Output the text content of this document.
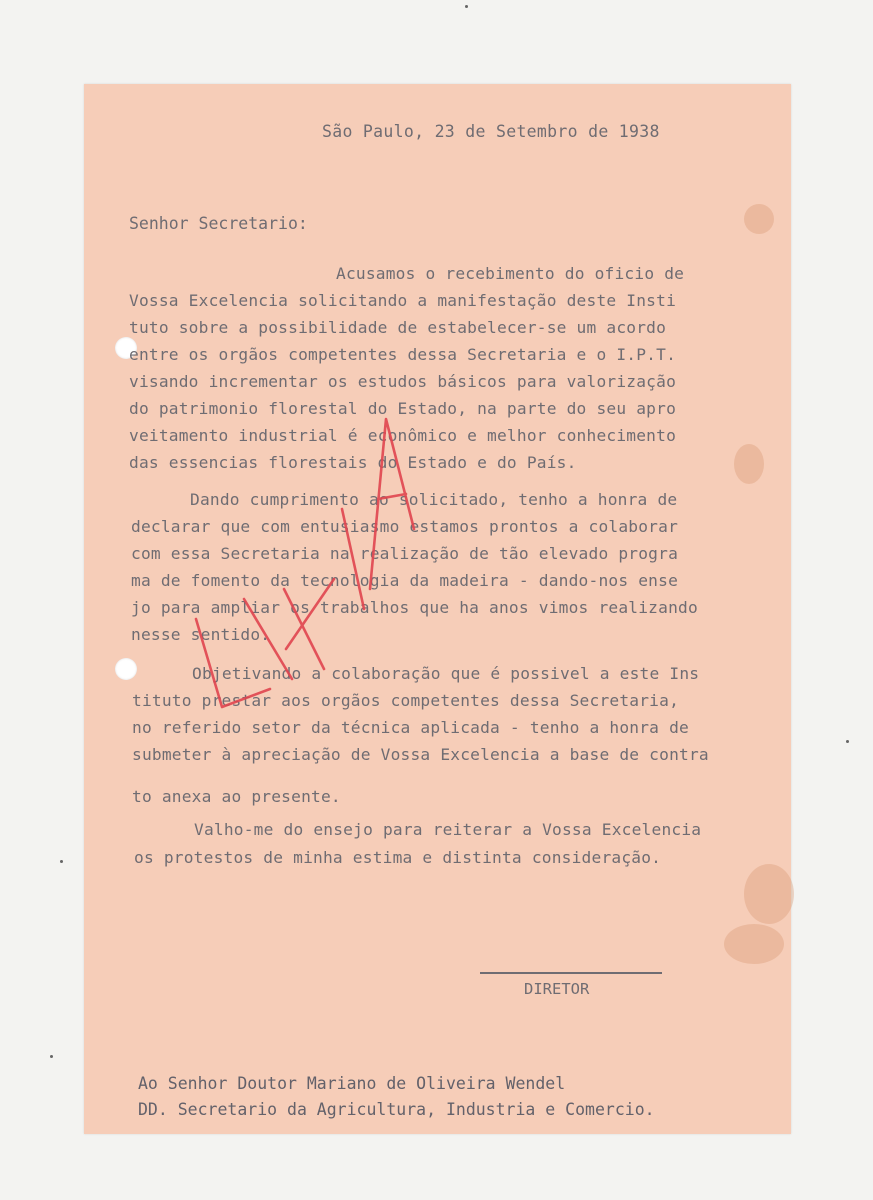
São Paulo, 23 de Setembro de 1938
Senhor Secretario:
Acusamos o recebimento do oficio de
Vossa Excelencia solicitando a manifestação deste Insti
tuto sobre a possibilidade de estabelecer-se um acordo
entre os orgãos competentes dessa Secretaria e o I.P.T.
visando incrementar os estudos básicos para valorização
do patrimonio florestal do Estado, na parte do seu apro
veitamento industrial é econômico e melhor conhecimento
das essencias florestais do Estado e do País.
Dando cumprimento ao solicitado, tenho a honra de
declarar que com entusiasmo estamos prontos a colaborar
com essa Secretaria na realização de tão elevado progra
ma de fomento da tecnologia da madeira - dando-nos ense
jo para ampliar os trabalhos que ha anos vimos realizando
nesse sentido.
Objetivando a colaboração que é possivel a este Ins
tituto prestar aos orgãos competentes dessa Secretaria,
no referido setor da técnica aplicada - tenho a honra de
submeter à apreciação de Vossa Excelencia a base de contra
to anexa ao presente.
Valho-me do ensejo para reiterar a Vossa Excelencia
os protestos de minha estima e distinta consideração.
DIRETOR
Ao Senhor Doutor Mariano de Oliveira Wendel
DD. Secretario da Agricultura, Industria e Comercio.
